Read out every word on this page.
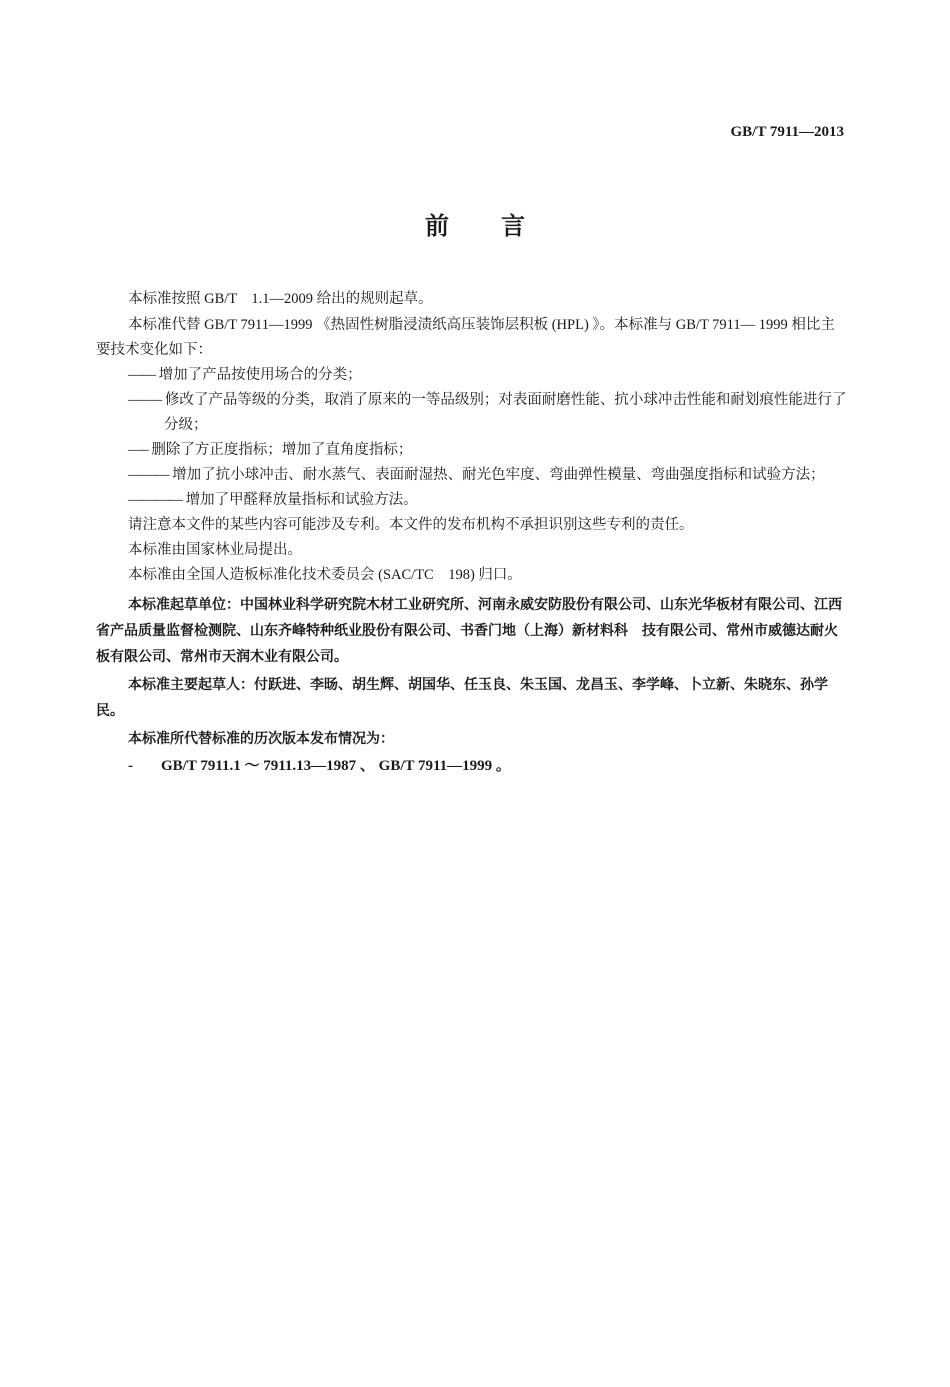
GB/T 7911—2013
前言

本标准按照 GB/T　1.1—2009 给出的规则起草。

本标准代替 GB/T 7911—1999 《热固性树脂浸渍纸高压装饰层积板 (HPL) 》。本标准与 GB/T 7911— 1999 相比主要技术变化如下：

—— 增加了产品按使用场合的分类；

——– 修改了产品等级的分类，取消了原来的一等品级别；对表面耐磨性能、抗小球冲击性能和耐划痕性能进行了分级；

—– 删除了方正度指标；增加了直角度指标；

——— 增加了抗小球冲击、耐水蒸气、表面耐湿热、耐光色牢度、弯曲弹性模量、弯曲强度指标和试验方法；

———— 增加了甲醛释放量指标和试验方法。

请注意本文件的某些内容可能涉及专利。本文件的发布机构不承担识别这些专利的责任。

本标准由国家林业局提出。

本标准由全国人造板标准化技术委员会 (SAC/TC　198) 归口。

本标准起草单位：中国林业科学研究院木材工业研究所、河南永威安防股份有限公司、山东光华板材有限公司、江西省产品质量监督检测院、山东齐峰特种纸业股份有限公司、书香门地（上海）新材料科　技有限公司、常州市威德达耐火板有限公司、常州市天润木业有限公司。

本标准主要起草人：付跃进、李旸、胡生辉、胡国华、任玉良、朱玉国、龙昌玉、李学峰、卜立新、朱晓东、孙学民。

本标准所代替标准的历次版本发布情况为：

- GB/T 7911.1 ～ 7911.13—1987 、 GB/T 7911—1999 。
